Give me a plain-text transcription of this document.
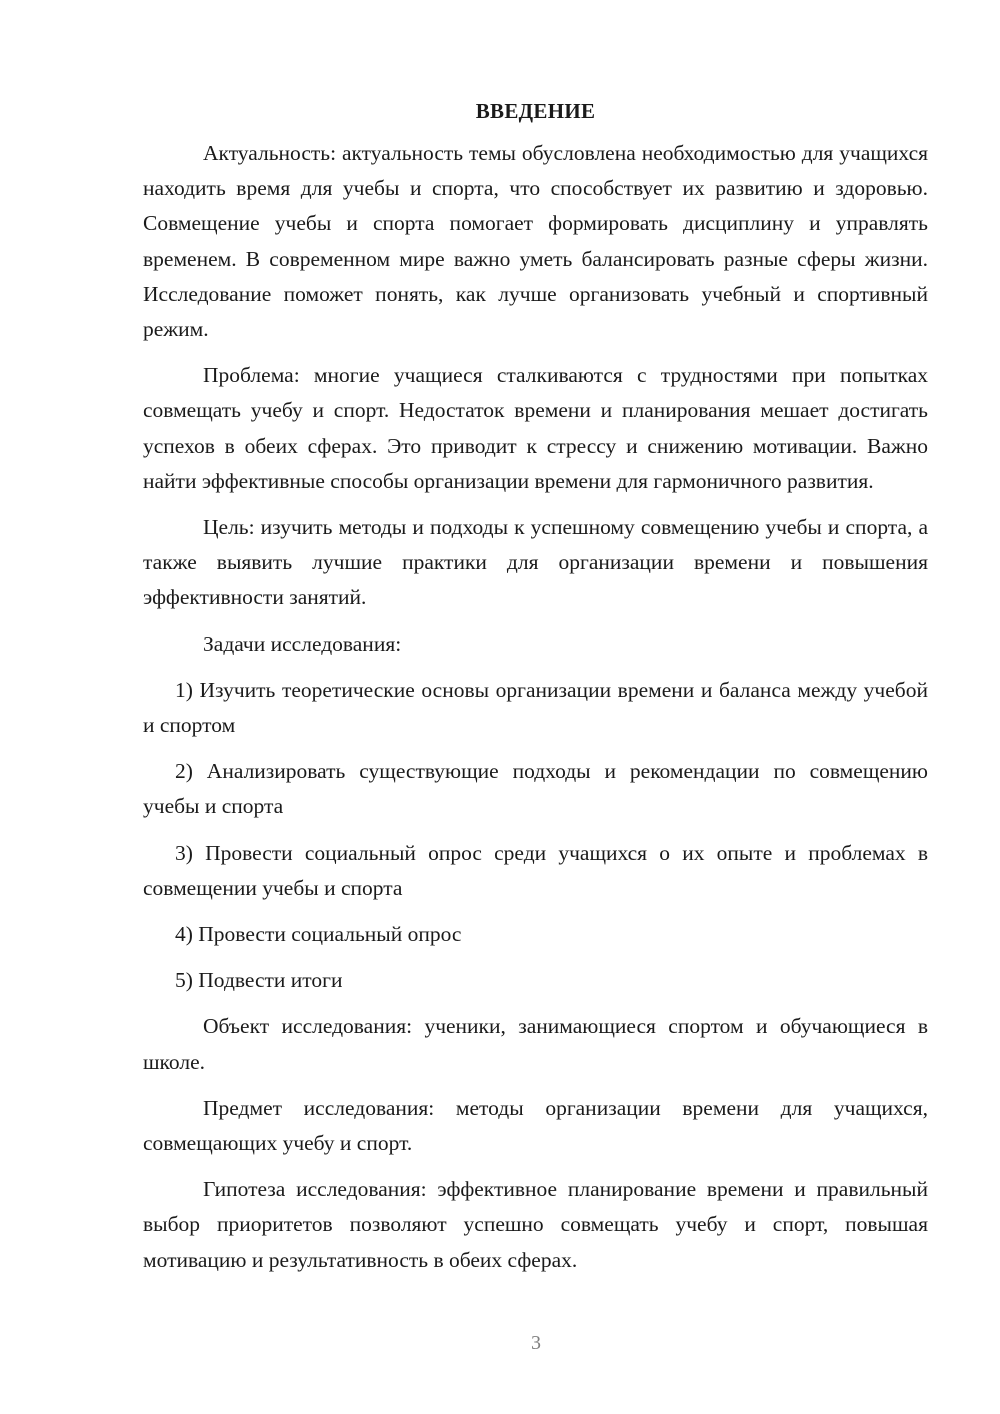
ВВЕДЕНИЕ

Актуальность: актуальность темы обусловлена необходимостью для учащихся находить время для учебы и спорта, что способствует их развитию и здоровью. Совмещение учебы и спорта помогает формировать дисциплину и управлять временем. В современном мире важно уметь балансировать разные сферы жизни. Исследование поможет понять, как лучше организовать учебный и спортивный режим.

Проблема: многие учащиеся сталкиваются с трудностями при попытках совмещать учебу и спорт. Недостаток времени и планирования мешает достигать успехов в обеих сферах. Это приводит к стрессу и снижению мотивации. Важно найти эффективные способы организации времени для гармоничного развития.

Цель: изучить методы и подходы к успешному совмещению учебы и спорта, а также выявить лучшие практики для организации времени и повышения эффективности занятий.

Задачи исследования:

1) Изучить теоретические основы организации времени и баланса между учебой и спортом

2) Анализировать существующие подходы и рекомендации по совмещению учебы и спорта

3) Провести социальный опрос среди учащихся о их опыте и проблемах в совмещении учебы и спорта

4) Провести социальный опрос

5) Подвести итоги

Объект исследования: ученики, занимающиеся спортом и обучающиеся в школе.

Предмет исследования: методы организации времени для учащихся, совмещающих учебу и спорт.

Гипотеза исследования: эффективное планирование времени и правильный выбор приоритетов позволяют успешно совмещать учебу и спорт, повышая мотивацию и результативность в обеих сферах.

3
